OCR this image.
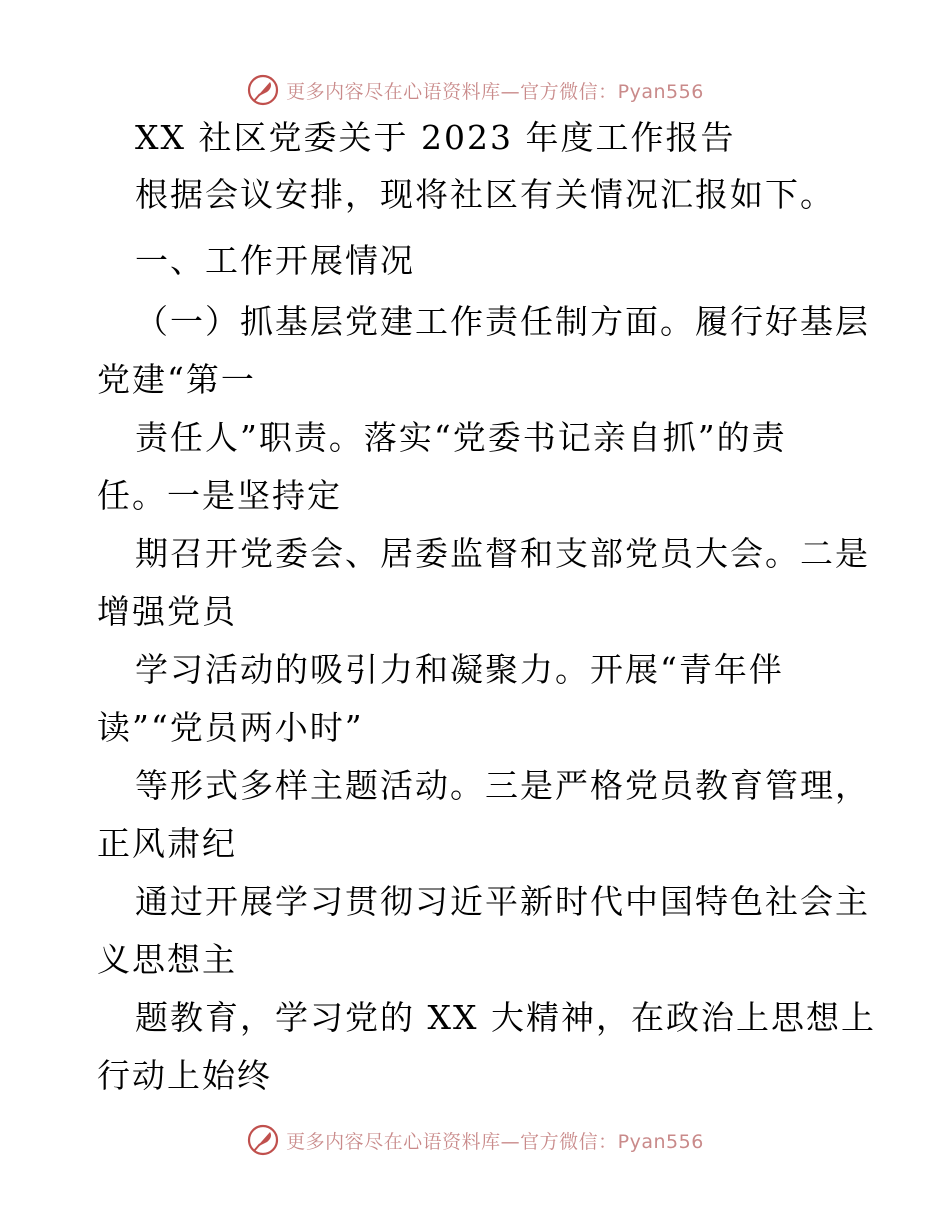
更多内容尽在心语资料库—官方微信：Pyan556
XX 社区党委关于 2023 年度工作报告
根据会议安排，现将社区有关情况汇报如下。
一、工作开展情况
（一）抓基层党建工作责任制方面。履行好基层
党建“第一
责任人”职责。落实“党委书记亲自抓”的责
任。一是坚持定
期召开党委会、居委监督和支部党员大会。二是
增强党员
学习活动的吸引力和凝聚力。开展“青年伴
读”“党员两小时”
等形式多样主题活动。三是严格党员教育管理，
正风肃纪
通过开展学习贯彻习近平新时代中国特色社会主
义思想主
题教育，学习党的 XX 大精神，在政治上思想上
行动上始终
更多内容尽在心语资料库—官方微信：Pyan556
